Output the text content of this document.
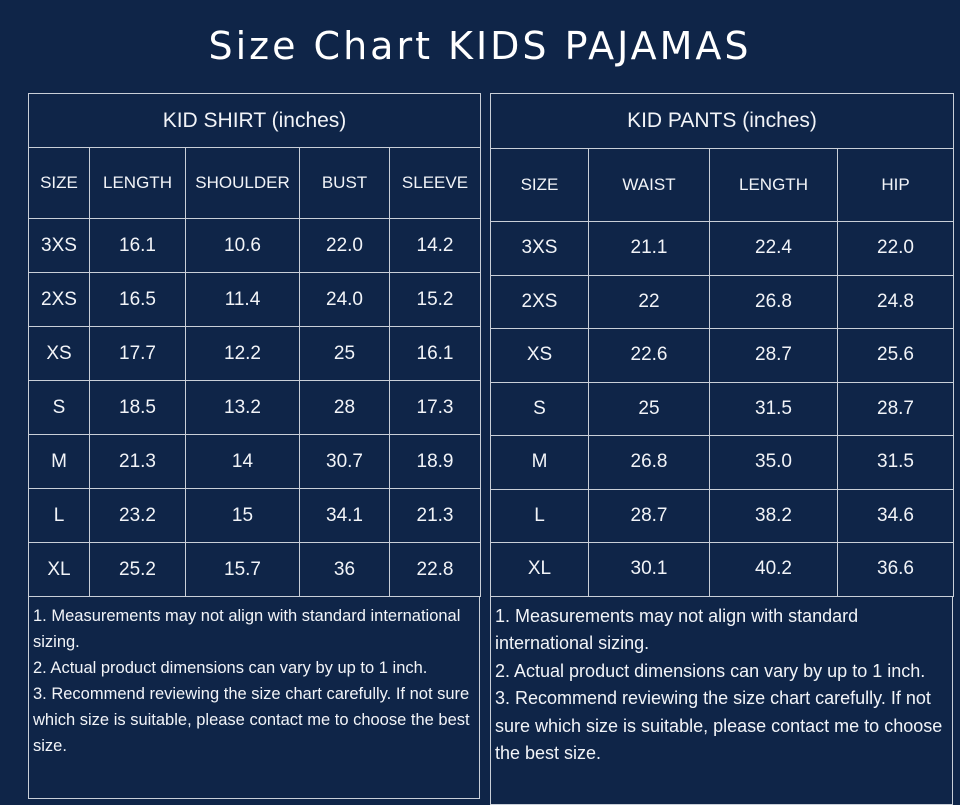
Size Chart KIDS PAJAMAS
KID SHIRT (inches)				
SIZE	LENGTH	SHOULDER	BUST	SLEEVE
3XS	16.1	10.6	22.0	14.2
2XS	16.5	11.4	24.0	15.2
XS	17.7	12.2	25	16.1
S	18.5	13.2	28	17.3
M	21.3	14	30.7	18.9
L	23.2	15	34.1	21.3
XL	25.2	15.7	36	22.8
1. Measurements may not align with standard international sizing.
2. Actual product dimensions can vary by up to 1 inch.
3. Recommend reviewing the size chart carefully. If not sure which size is suitable, please contact me to choose the best size.
KID PANTS (inches)			
SIZE	WAIST	LENGTH	HIP
3XS	21.1	22.4	22.0
2XS	22	26.8	24.8
XS	22.6	28.7	25.6
S	25	31.5	28.7
M	26.8	35.0	31.5
L	28.7	38.2	34.6
XL	30.1	40.2	36.6
1. Measurements may not align with standard international sizing.
2. Actual product dimensions can vary by up to 1 inch.
3. Recommend reviewing the size chart carefully. If not sure which size is suitable, please contact me to choose the best size.
